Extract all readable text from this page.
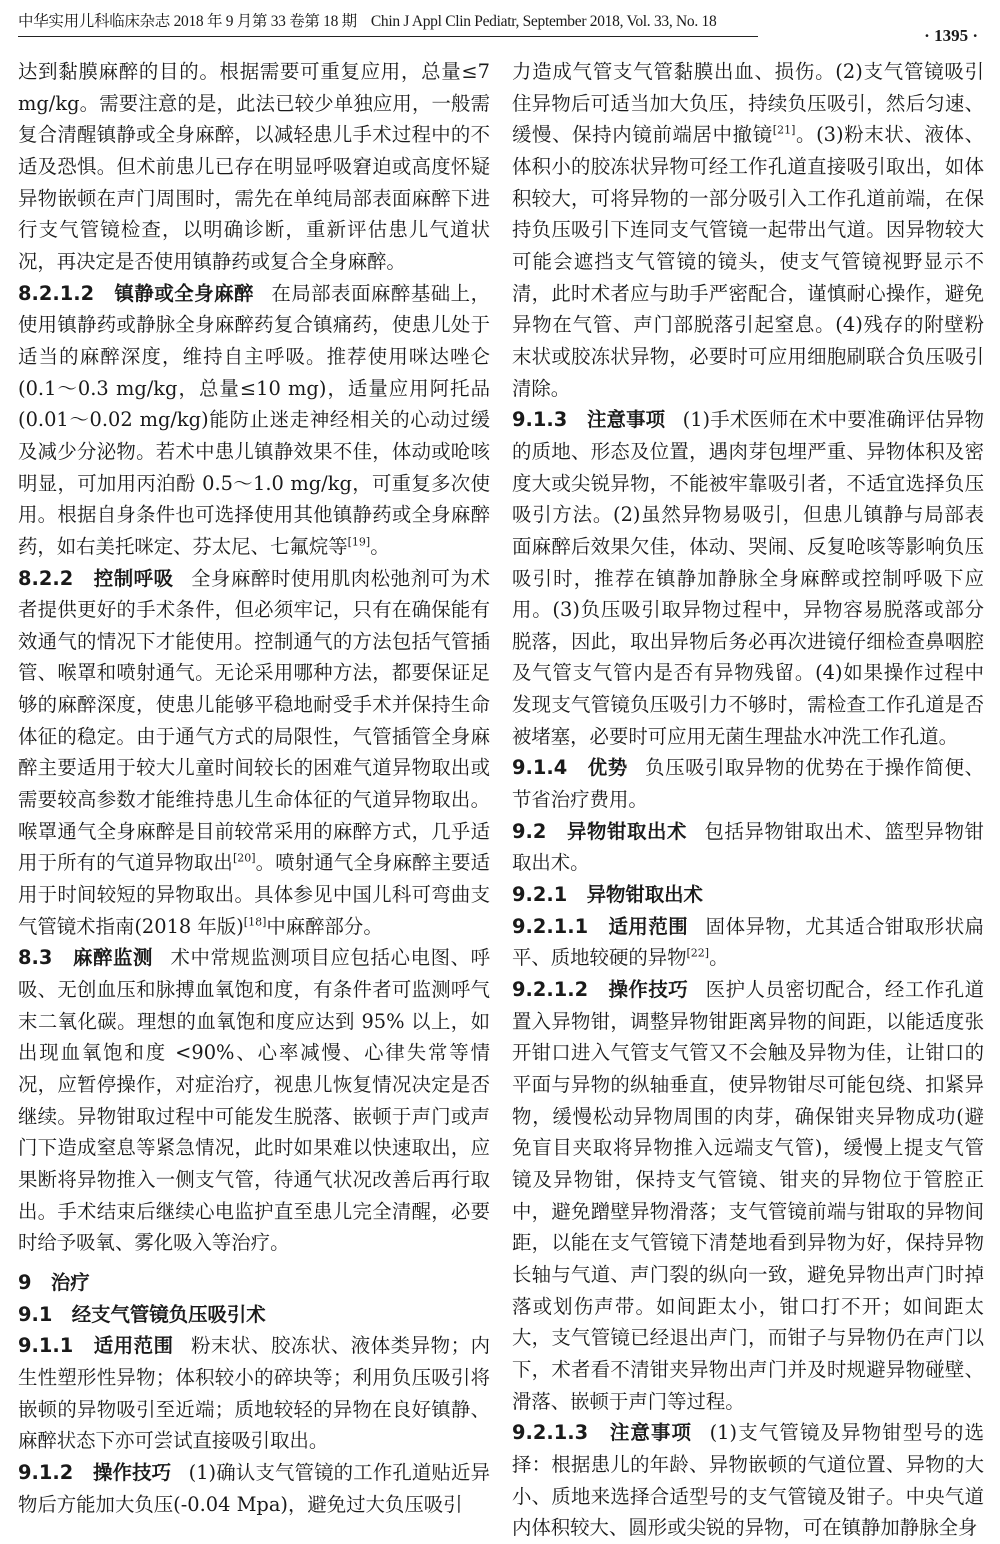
中华实用儿科临床杂志 2018 年 9 月第 33 卷第 18 期 Chin J Appl Clin Pediatr, September 2018, Vol. 33, No. 18
· 1395 ·

达到黏膜麻醉的目的。根据需要可重复应用，总量≤7 mg/kg。需要注意的是，此法已较少单独应用，一般需复合清醒镇静或全身麻醉，以减轻患儿手术过程中的不适及恐惧。但术前患儿已存在明显呼吸窘迫或高度怀疑异物嵌顿在声门周围时，需先在单纯局部表面麻醉下进行支气管镜检查，以明确诊断，重新评估患儿气道状况，再决定是否使用镇静药或复合全身麻醉。

8.2.1.2　镇静或全身麻醉 在局部表面麻醉基础上，使用镇静药或静脉全身麻醉药复合镇痛药，使患儿处于适当的麻醉深度，维持自主呼吸。推荐使用咪达唑仑(0.1～0.3 mg/kg，总量≤10 mg)，适量应用阿托品(0.01～0.02 mg/kg)能防止迷走神经相关的心动过缓及减少分泌物。若术中患儿镇静效果不佳，体动或呛咳明显，可加用丙泊酚 0.5～1.0 mg/kg，可重复多次使用。根据自身条件也可选择使用其他镇静药或全身麻醉药，如右美托咪定、芬太尼、七氟烷等[19]。

8.2.2　控制呼吸 全身麻醉时使用肌肉松弛剂可为术者提供更好的手术条件，但必须牢记，只有在确保能有效通气的情况下才能使用。控制通气的方法包括气管插管、喉罩和喷射通气。无论采用哪种方法，都要保证足够的麻醉深度，使患儿能够平稳地耐受手术并保持生命体征的稳定。由于通气方式的局限性，气管插管全身麻醉主要适用于较大儿童时间较长的困难气道异物取出或需要较高参数才能维持患儿生命体征的气道异物取出。喉罩通气全身麻醉是目前较常采用的麻醉方式，几乎适用于所有的气道异物取出[20]。喷射通气全身麻醉主要适用于时间较短的异物取出。具体参见中国儿科可弯曲支气管镜术指南(2018 年版)[18]中麻醉部分。

8.3　麻醉监测 术中常规监测项目应包括心电图、呼吸、无创血压和脉搏血氧饱和度，有条件者可监测呼气末二氧化碳。理想的血氧饱和度应达到 95% 以上，如出现血氧饱和度 <90%、心率减慢、心律失常等情况，应暂停操作，对症治疗，视患儿恢复情况决定是否继续。异物钳取过程中可能发生脱落、嵌顿于声门或声门下造成窒息等紧急情况，此时如果难以快速取出，应果断将异物推入一侧支气管，待通气状况改善后再行取出。手术结束后继续心电监护直至患儿完全清醒，必要时给予吸氧、雾化吸入等治疗。

9　治疗

9.1　经支气管镜负压吸引术

9.1.1　适用范围 粉末状、胶冻状、液体类异物；内生性塑形性异物；体积较小的碎块等；利用负压吸引将嵌顿的异物吸引至近端；质地较轻的异物在良好镇静、麻醉状态下亦可尝试直接吸引取出。

9.1.2　操作技巧 (1)确认支气管镜的工作孔道贴近异物后方能加大负压(-0.04 Mpa)，避免过大负压吸引

力造成气管支气管黏膜出血、损伤。(2)支气管镜吸引住异物后可适当加大负压，持续负压吸引，然后匀速、缓慢、保持内镜前端居中撤镜[21]。(3)粉末状、液体、体积小的胶冻状异物可经工作孔道直接吸引取出，如体积较大，可将异物的一部分吸引入工作孔道前端，在保持负压吸引下连同支气管镜一起带出气道。因异物较大可能会遮挡支气管镜的镜头，使支气管镜视野显示不清，此时术者应与助手严密配合，谨慎耐心操作，避免异物在气管、声门部脱落引起窒息。(4)残存的附壁粉末状或胶冻状异物，必要时可应用细胞刷联合负压吸引清除。

9.1.3　注意事项 (1)手术医师在术中要准确评估异物的质地、形态及位置，遇肉芽包埋严重、异物体积及密度大或尖锐异物，不能被牢靠吸引者，不适宜选择负压吸引方法。(2)虽然异物易吸引，但患儿镇静与局部表面麻醉后效果欠佳，体动、哭闹、反复呛咳等影响负压吸引时，推荐在镇静加静脉全身麻醉或控制呼吸下应用。(3)负压吸引取异物过程中，异物容易脱落或部分脱落，因此，取出异物后务必再次进镜仔细检查鼻咽腔及气管支气管内是否有异物残留。(4)如果操作过程中发现支气管镜负压吸引力不够时，需检查工作孔道是否被堵塞，必要时可应用无菌生理盐水冲洗工作孔道。

9.1.4　优势 负压吸引取异物的优势在于操作简便、节省治疗费用。

9.2　异物钳取出术 包括异物钳取出术、篮型异物钳取出术。

9.2.1　异物钳取出术

9.2.1.1　适用范围 固体异物，尤其适合钳取形状扁平、质地较硬的异物[22]。

9.2.1.2　操作技巧 医护人员密切配合，经工作孔道置入异物钳，调整异物钳距离异物的间距，以能适度张开钳口进入气管支气管又不会触及异物为佳，让钳口的平面与异物的纵轴垂直，使异物钳尽可能包绕、扣紧异物，缓慢松动异物周围的肉芽，确保钳夹异物成功(避免盲目夹取将异物推入远端支气管)，缓慢上提支气管镜及异物钳，保持支气管镜、钳夹的异物位于管腔正中，避免蹭壁异物滑落；支气管镜前端与钳取的异物间距，以能在支气管镜下清楚地看到异物为好，保持异物长轴与气道、声门裂的纵向一致，避免异物出声门时掉落或划伤声带。如间距太小，钳口打不开；如间距太大，支气管镜已经退出声门，而钳子与异物仍在声门以下，术者看不清钳夹异物出声门并及时规避异物碰壁、滑落、嵌顿于声门等过程。

9.2.1.3　注意事项 (1)支气管镜及异物钳型号的选择：根据患儿的年龄、异物嵌顿的气道位置、异物的大小、质地来选择合适型号的支气管镜及钳子。中央气道内体积较大、圆形或尖锐的异物，可在镇静加静脉全身
